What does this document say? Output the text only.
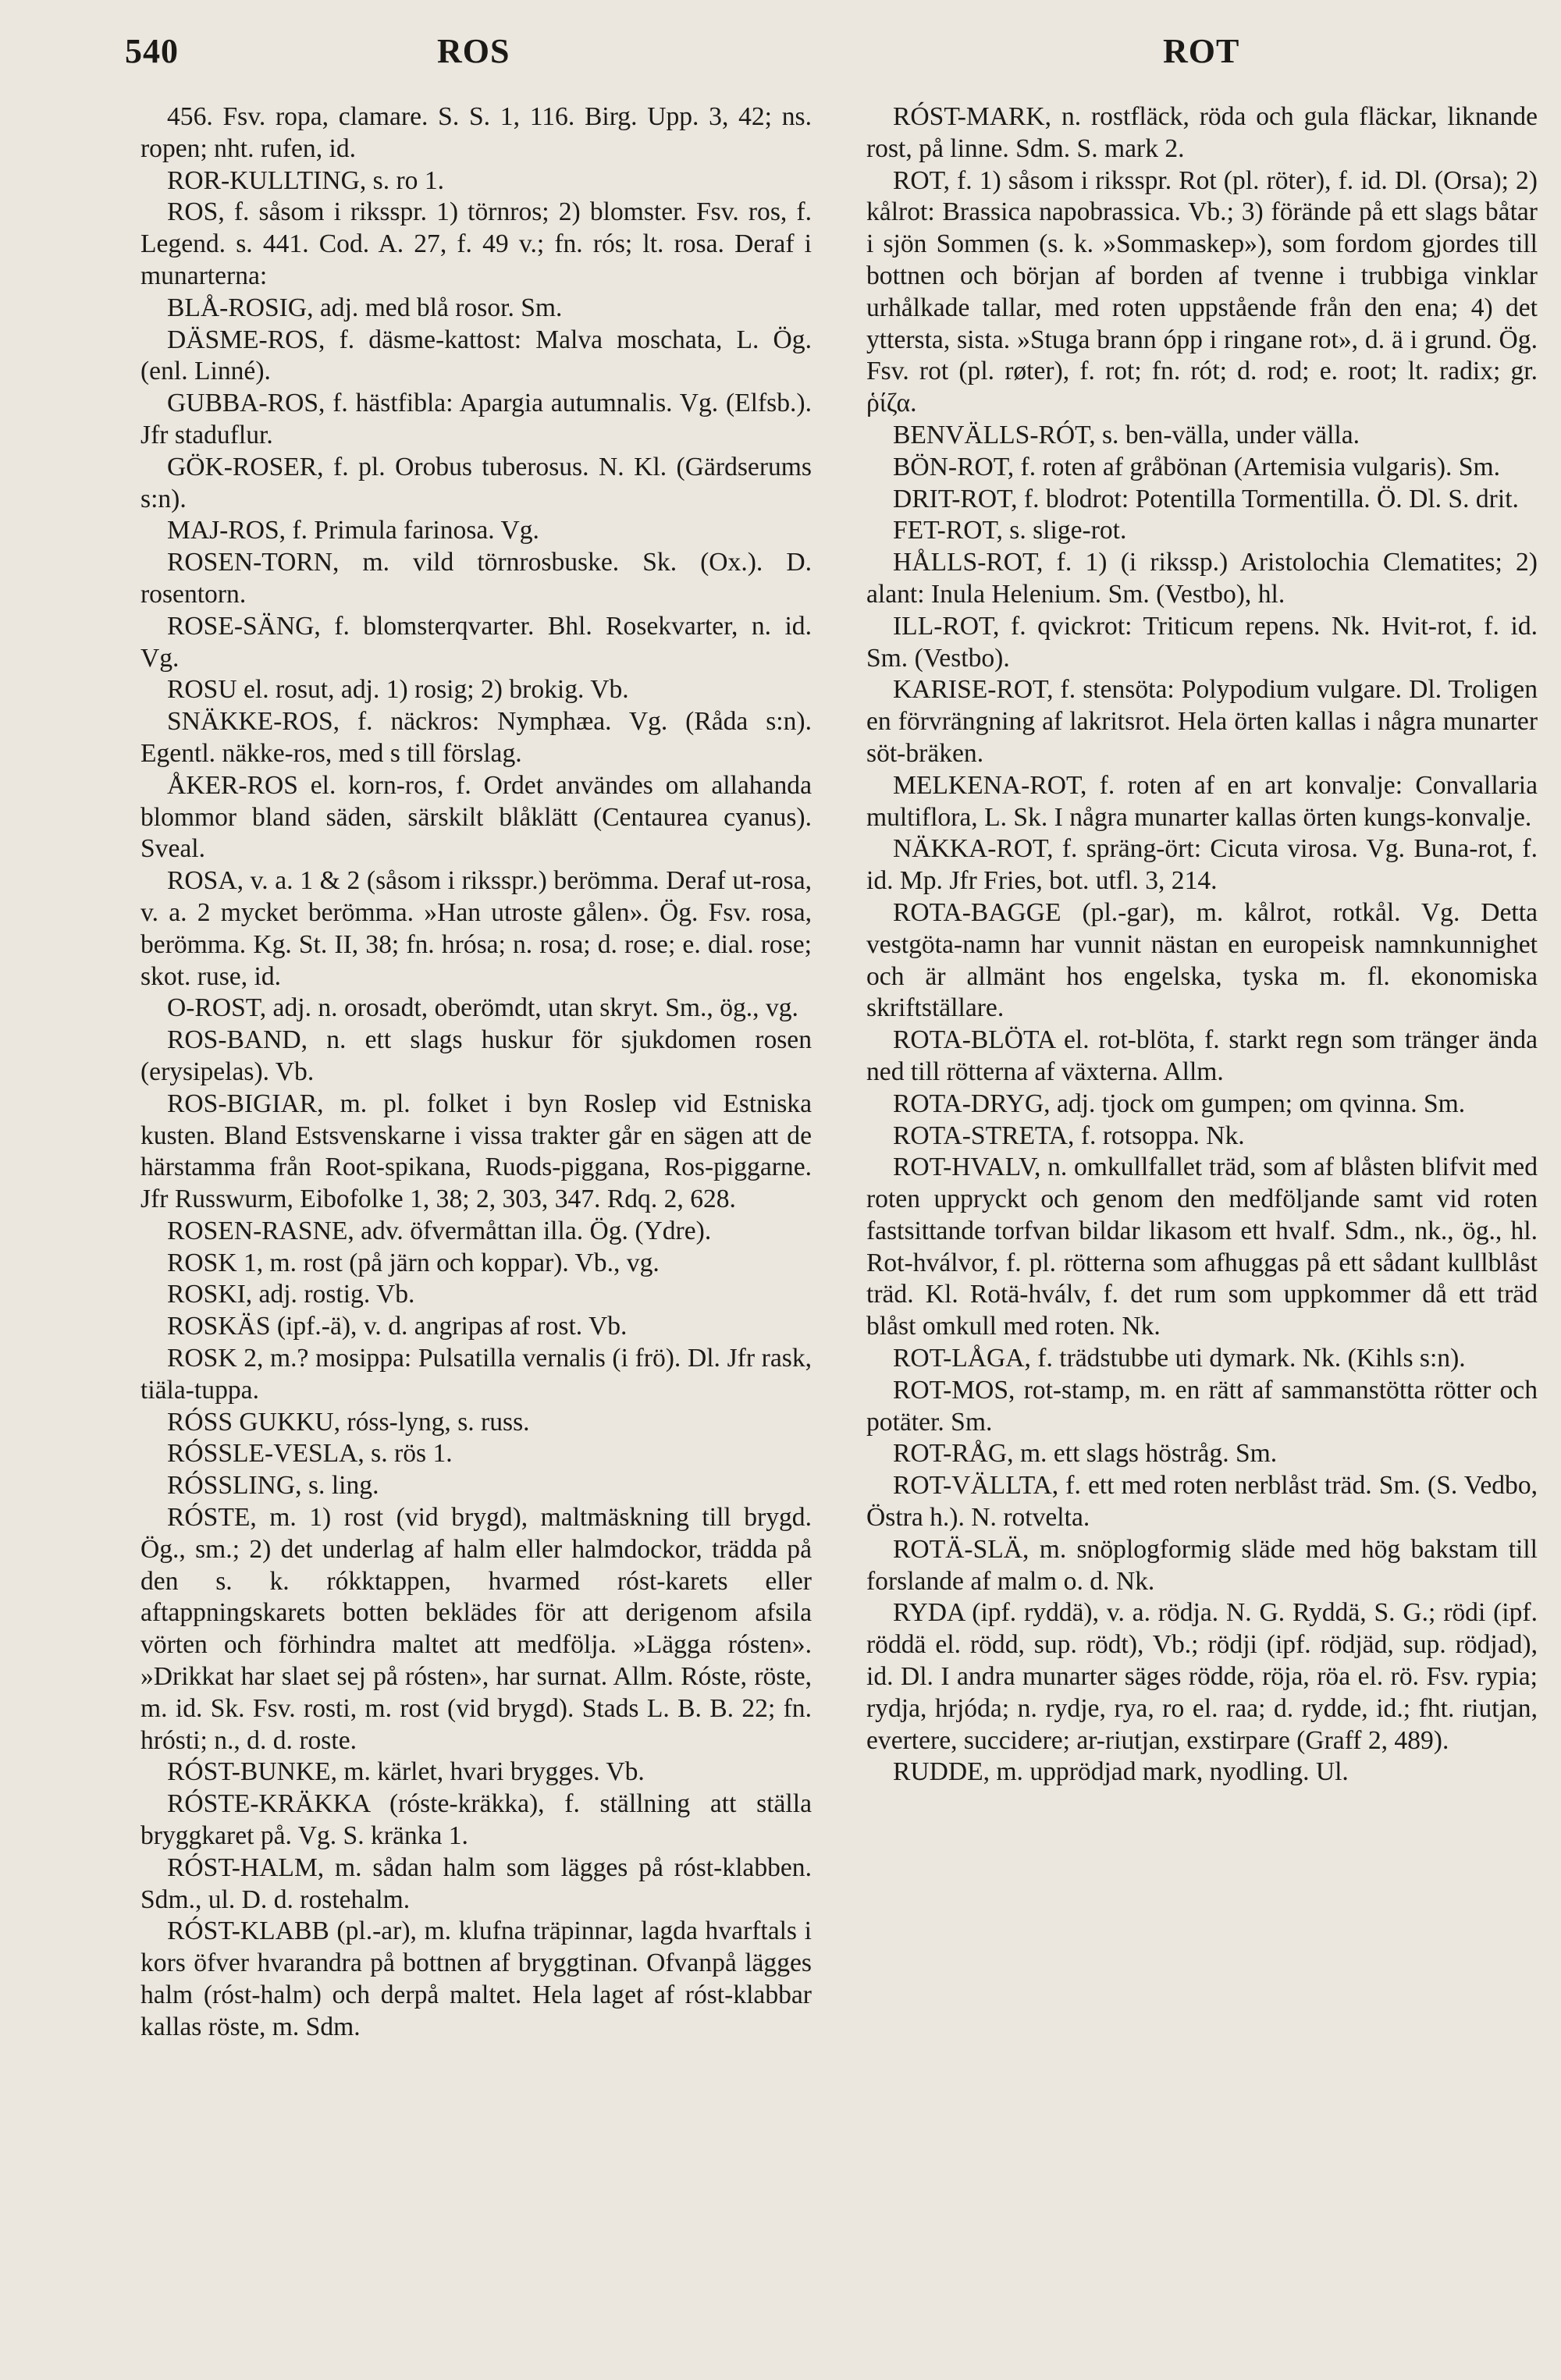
540	ROS	ROT
456. Fsv. ropa, clamare. S. S. 1, 116. Birg. Upp. 3, 42; ns. ropen; nht. rufen, id.
ROR-KULLTING, s. ro 1.
ROS, f. såsom i riksspr. 1) törnros; 2) blomster. Fsv. ros, f. Legend. s. 441. Cod. A. 27, f. 49 v.; fn. rós; lt. rosa. Deraf i munarterna:
BLÅ-ROSIG, adj. med blå rosor. Sm.
DÄSME-ROS, f. däsme-kattost: Malva moschata, L. Ög. (enl. Linné).
GUBBA-ROS, f. hästfibla: Apargia autumnalis. Vg. (Elfsb.). Jfr staduflur.
GÖK-ROSER, f. pl. Orobus tuberosus. N. Kl. (Gärdserums s:n).
MAJ-ROS, f. Primula farinosa. Vg.
ROSEN-TORN, m. vild törnrosbuske. Sk. (Ox.). D. rosentorn.
ROSE-SÄNG, f. blomsterqvarter. Bhl. Rosekvarter, n. id. Vg.
ROSU el. rosut, adj. 1) rosig; 2) brokig. Vb.
SNÄKKE-ROS, f. näckros: Nymphæa. Vg. (Råda s:n). Egentl. näkke-ros, med s till förslag.
ÅKER-ROS el. korn-ros, f. Ordet användes om allahanda blommor bland säden, särskilt blåklätt (Centaurea cyanus). Sveal.
ROSA, v. a. 1 & 2 (såsom i riksspr.) berömma. Deraf ut-rosa, v. a. 2 mycket berömma. »Han utroste gålen». Ög. Fsv. rosa, berömma. Kg. St. II, 38; fn. hrósa; n. rosa; d. rose; e. dial. rose; skot. ruse, id.
O-ROST, adj. n. orosadt, oberömdt, utan skryt. Sm., ög., vg.
ROS-BAND, n. ett slags huskur för sjukdomen rosen (erysipelas). Vb.
ROS-BIGIAR, m. pl. folket i byn Roslep vid Estniska kusten. Bland Estsvenskarne i vissa trakter går en sägen att de härstamma från Root-spikana, Ruods-piggana, Ros-piggarne. Jfr Russwurm, Eibofolke 1, 38; 2, 303, 347. Rdq. 2, 628.
ROSEN-RASNE, adv. öfvermåttan illa. Ög. (Ydre).
ROSK 1, m. rost (på järn och koppar). Vb., vg.
ROSKI, adj. rostig. Vb.
ROSKÄS (ipf.-ä), v. d. angripas af rost. Vb.
ROSK 2, m.? mosippa: Pulsatilla vernalis (i frö). Dl. Jfr rask, tiäla-tuppa.
RÓSS GUKKU, róss-lyng, s. russ.
RÓSSLE-VESLA, s. rös 1.
RÓSSLING, s. ling.
RÓSTE, m. 1) rost (vid brygd), maltmäskning till brygd. Ög., sm.; 2) det underlag af halm eller halmdockor, trädda på den s. k. rókktappen, hvarmed róst-karets eller aftappningskarets botten beklädes för att derigenom afsila vörten och förhindra maltet att medfölja. »Lägga rósten». »Drikkat har slaet sej på rósten», har surnat. Allm. Róste, röste, m. id. Sk. Fsv. rosti, m. rost (vid brygd). Stads L. B. B. 22; fn. hrósti; n., d. d. roste.
RÓST-BUNKE, m. kärlet, hvari brygges. Vb.
RÓSTE-KRÄKKA (róste-kräkka), f. ställning att ställa bryggkaret på. Vg. S. kränka 1.
RÓST-HALM, m. sådan halm som lägges på róst-klabben. Sdm., ul. D. d. rostehalm.
RÓST-KLABB (pl.-ar), m. klufna träpinnar, lagda hvarftals i kors öfver hvarandra på bottnen af bryggtinan. Ofvanpå lägges halm (róst-halm) och derpå maltet. Hela laget af róst-klabbar kallas röste, m. Sdm.
RÓST-MARK, n. rostfläck, röda och gula fläckar, liknande rost, på linne. Sdm. S. mark 2.
ROT, f. 1) såsom i riksspr. Rot (pl. röter), f. id. Dl. (Orsa); 2) kålrot: Brassica napobrassica. Vb.; 3) förände på ett slags båtar i sjön Sommen (s. k. »Sommaskep»), som fordom gjordes till bottnen och början af borden af tvenne i trubbiga vinklar urhålkade tallar, med roten uppstående från den ena; 4) det yttersta, sista. »Stuga brann ópp i ringane rot», d. ä i grund. Ög. Fsv. rot (pl. røter), f. rot; fn. rót; d. rod; e. root; lt. radix; gr. ῥίζα.
BENVÄLLS-RÓT, s. ben-välla, under välla.
BÖN-ROT, f. roten af gråbönan (Artemisia vulgaris). Sm.
DRIT-ROT, f. blodrot: Potentilla Tormentilla. Ö. Dl. S. drit.
FET-ROT, s. slige-rot.
HÅLLS-ROT, f. 1) (i rikssp.) Aristolochia Clematites; 2) alant: Inula Helenium. Sm. (Vestbo), hl.
ILL-ROT, f. qvickrot: Triticum repens. Nk. Hvit-rot, f. id. Sm. (Vestbo).
KARISE-ROT, f. stensöta: Polypodium vulgare. Dl. Troligen en förvrängning af lakritsrot. Hela örten kallas i några munarter söt-bräken.
MELKENA-ROT, f. roten af en art konvalje: Convallaria multiflora, L. Sk. I några munarter kallas örten kungs-konvalje.
NÄKKA-ROT, f. spräng-ört: Cicuta virosa. Vg. Buna-rot, f. id. Mp. Jfr Fries, bot. utfl. 3, 214.
ROTA-BAGGE (pl.-gar), m. kålrot, rotkål. Vg. Detta vestgöta-namn har vunnit nästan en europeisk namnkunnighet och är allmänt hos engelska, tyska m. fl. ekonomiska skriftställare.
ROTA-BLÖTA el. rot-blöta, f. starkt regn som tränger ända ned till rötterna af växterna. Allm.
ROTA-DRYG, adj. tjock om gumpen; om qvinna. Sm.
ROTA-STRETA, f. rotsoppa. Nk.
ROT-HVALV, n. omkullfallet träd, som af blåsten blifvit med roten uppryckt och genom den medföljande samt vid roten fastsittande torfvan bildar likasom ett hvalf. Sdm., nk., ög., hl. Rot-hválvor, f. pl. rötterna som afhuggas på ett sådant kullblåst träd. Kl. Rotä-hválv, f. det rum som uppkommer då ett träd blåst omkull med roten. Nk.
ROT-LÅGA, f. trädstubbe uti dymark. Nk. (Kihls s:n).
ROT-MOS, rot-stamp, m. en rätt af sammanstötta rötter och potäter. Sm.
ROT-RÅG, m. ett slags höstråg. Sm.
ROT-VÄLLTA, f. ett med roten nerblåst träd. Sm. (S. Vedbo, Östra h.). N. rotvelta.
ROTÄ-SLÄ, m. snöplogformig släde med hög bakstam till forslande af malm o. d. Nk.
RYDA (ipf. ryddä), v. a. rödja. N. G. Ryddä, S. G.; rödi (ipf. röddä el. rödd, sup. rödt), Vb.; rödji (ipf. rödjäd, sup. rödjad), id. Dl. I andra munarter säges rödde, röja, röa el. rö. Fsv. rypia; rydja, hrjóda; n. rydje, rya, ro el. raa; d. rydde, id.; fht. riutjan, evertere, succidere; ar-riutjan, exstirpare (Graff 2, 489).
RUDDE, m. upprödjad mark, nyodling. Ul.
